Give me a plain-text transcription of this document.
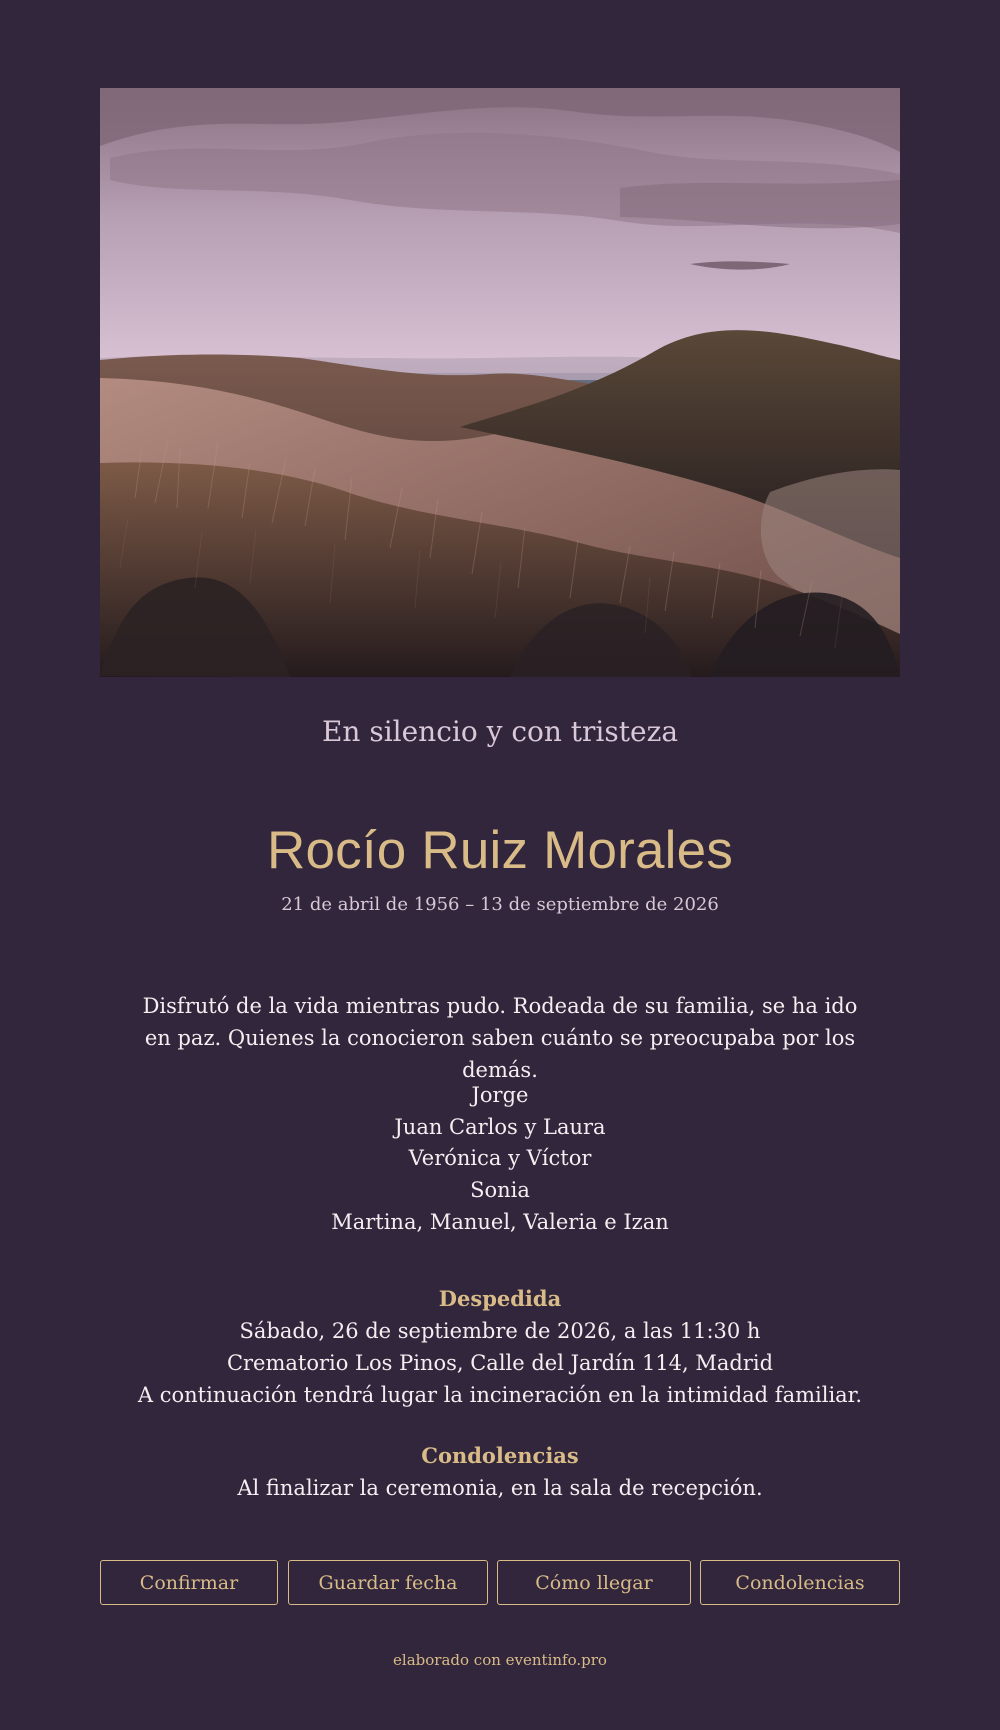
En silencio y con tristeza
Rocío Ruiz Morales
21 de abril de 1956 – 13 de septiembre de 2026
Disfrutó de la vida mientras pudo. Rodeada de su familia, se ha ido en paz. Quienes la conocieron saben cuánto se preocupaba por los demás.
Jorge
Juan Carlos y Laura
Verónica y Víctor
Sonia
Martina, Manuel, Valeria e Izan
Despedida
Sábado, 26 de septiembre de 2026, a las 11:30 h
Crematorio Los Pinos, Calle del Jardín 114, Madrid
A continuación tendrá lugar la incineración en la intimidad familiar.
Condolencias
Al finalizar la ceremonia, en la sala de recepción.
Confirmar	Guardar fecha	Cómo llegar	Condolencias
elaborado con eventinfo.pro
